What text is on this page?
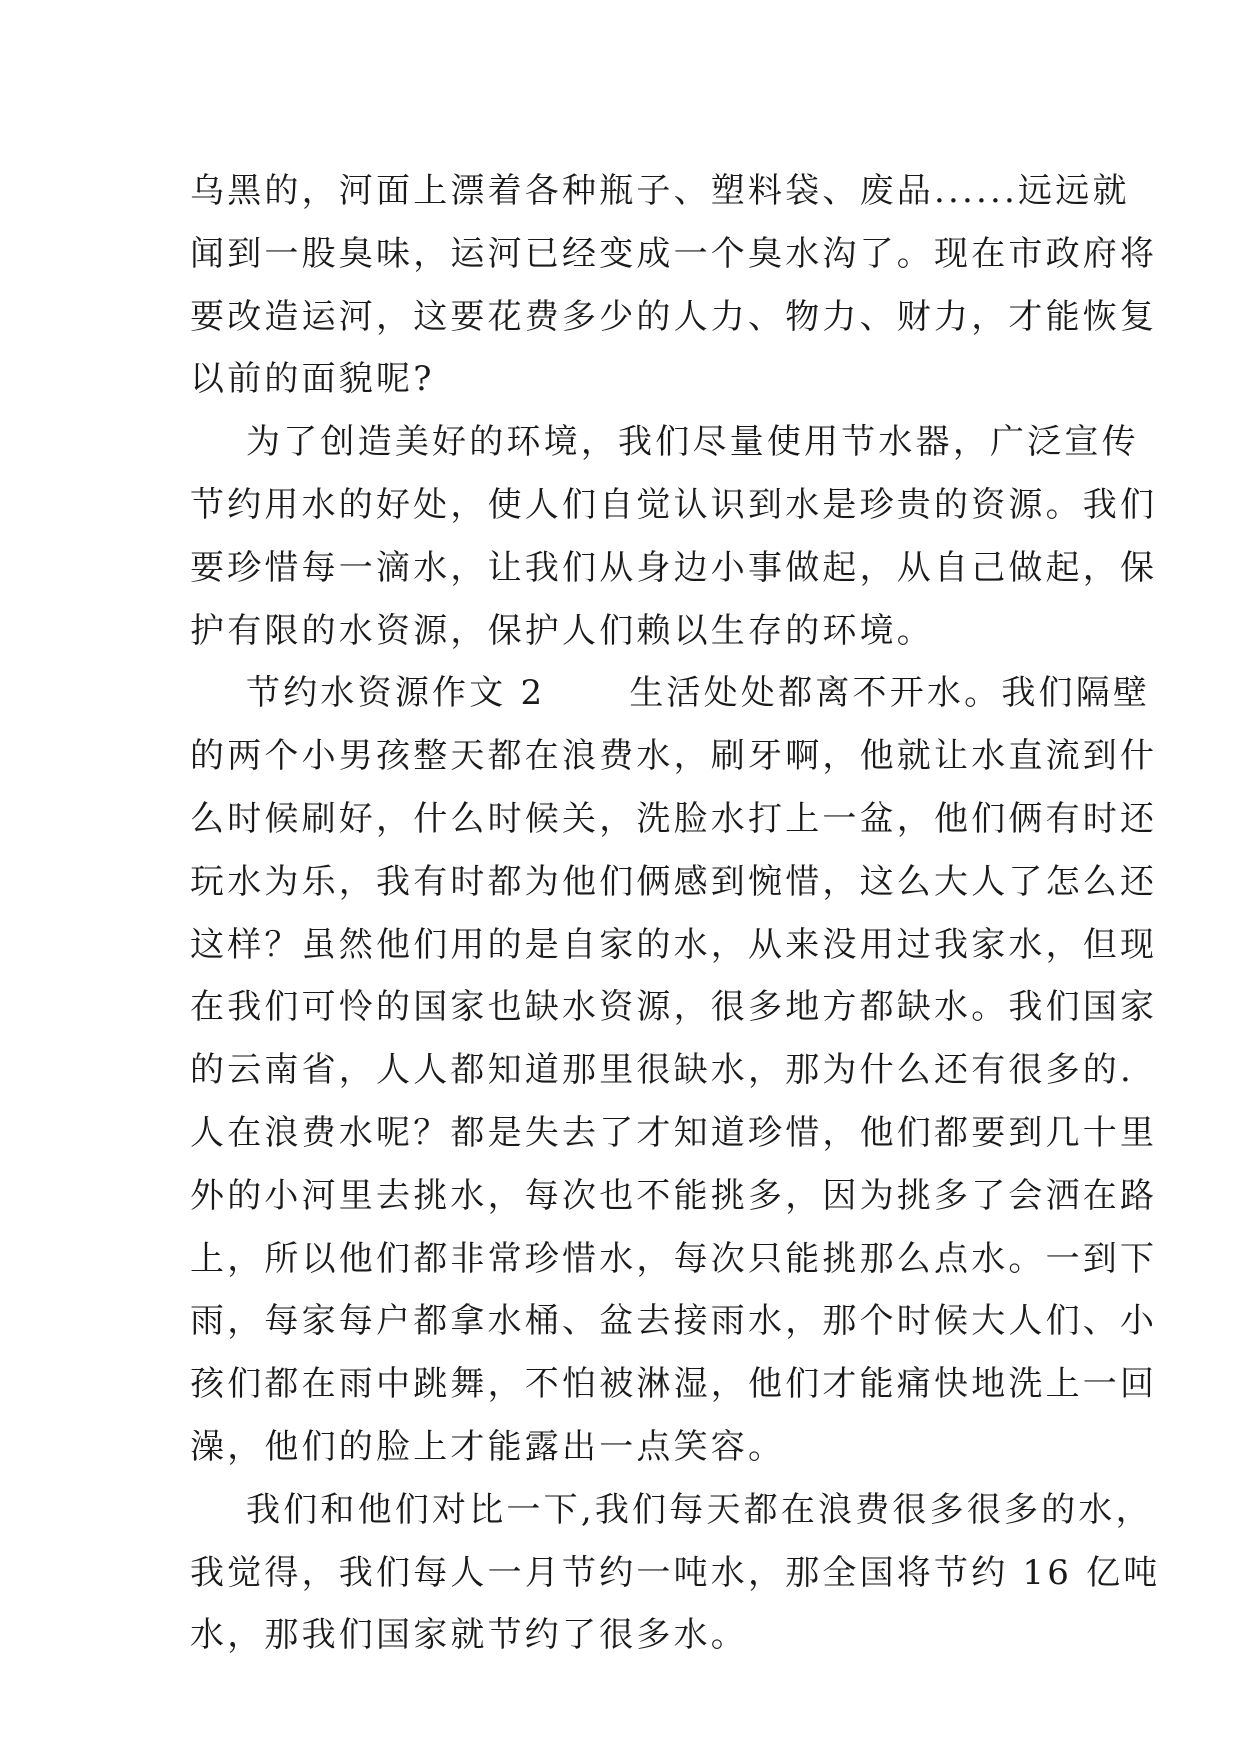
乌黑的，河面上漂着各种瓶子、塑料袋、废品......远远就
闻到一股臭味，运河已经变成一个臭水沟了。现在市政府将
要改造运河，这要花费多少的人力、物力、财力，才能恢复
以前的面貌呢?
为了创造美好的环境，我们尽量使用节水器，广泛宣传
节约用水的好处，使人们自觉认识到水是珍贵的资源。我们
要珍惜每一滴水，让我们从身边小事做起，从自己做起，保
护有限的水资源，保护人们赖以生存的环境。
节约水资源作文 2      生活处处都离不开水。我们隔壁
的两个小男孩整天都在浪费水，刷牙啊，他就让水直流到什
么时候刷好，什么时候关，洗脸水打上一盆，他们俩有时还
玩水为乐，我有时都为他们俩感到惋惜，这么大人了怎么还
这样？虽然他们用的是自家的水，从来没用过我家水，但现
在我们可怜的国家也缺水资源，很多地方都缺水。我们国家
的云南省，人人都知道那里很缺水，那为什么还有很多的.
人在浪费水呢？都是失去了才知道珍惜，他们都要到几十里
外的小河里去挑水，每次也不能挑多，因为挑多了会洒在路
上，所以他们都非常珍惜水，每次只能挑那么点水。一到下
雨，每家每户都拿水桶、盆去接雨水，那个时候大人们、小
孩们都在雨中跳舞，不怕被淋湿，他们才能痛快地洗上一回
澡，他们的脸上才能露出一点笑容。
我们和他们对比一下,我们每天都在浪费很多很多的水，
我觉得，我们每人一月节约一吨水，那全国将节约 16 亿吨
水，那我们国家就节约了很多水。
